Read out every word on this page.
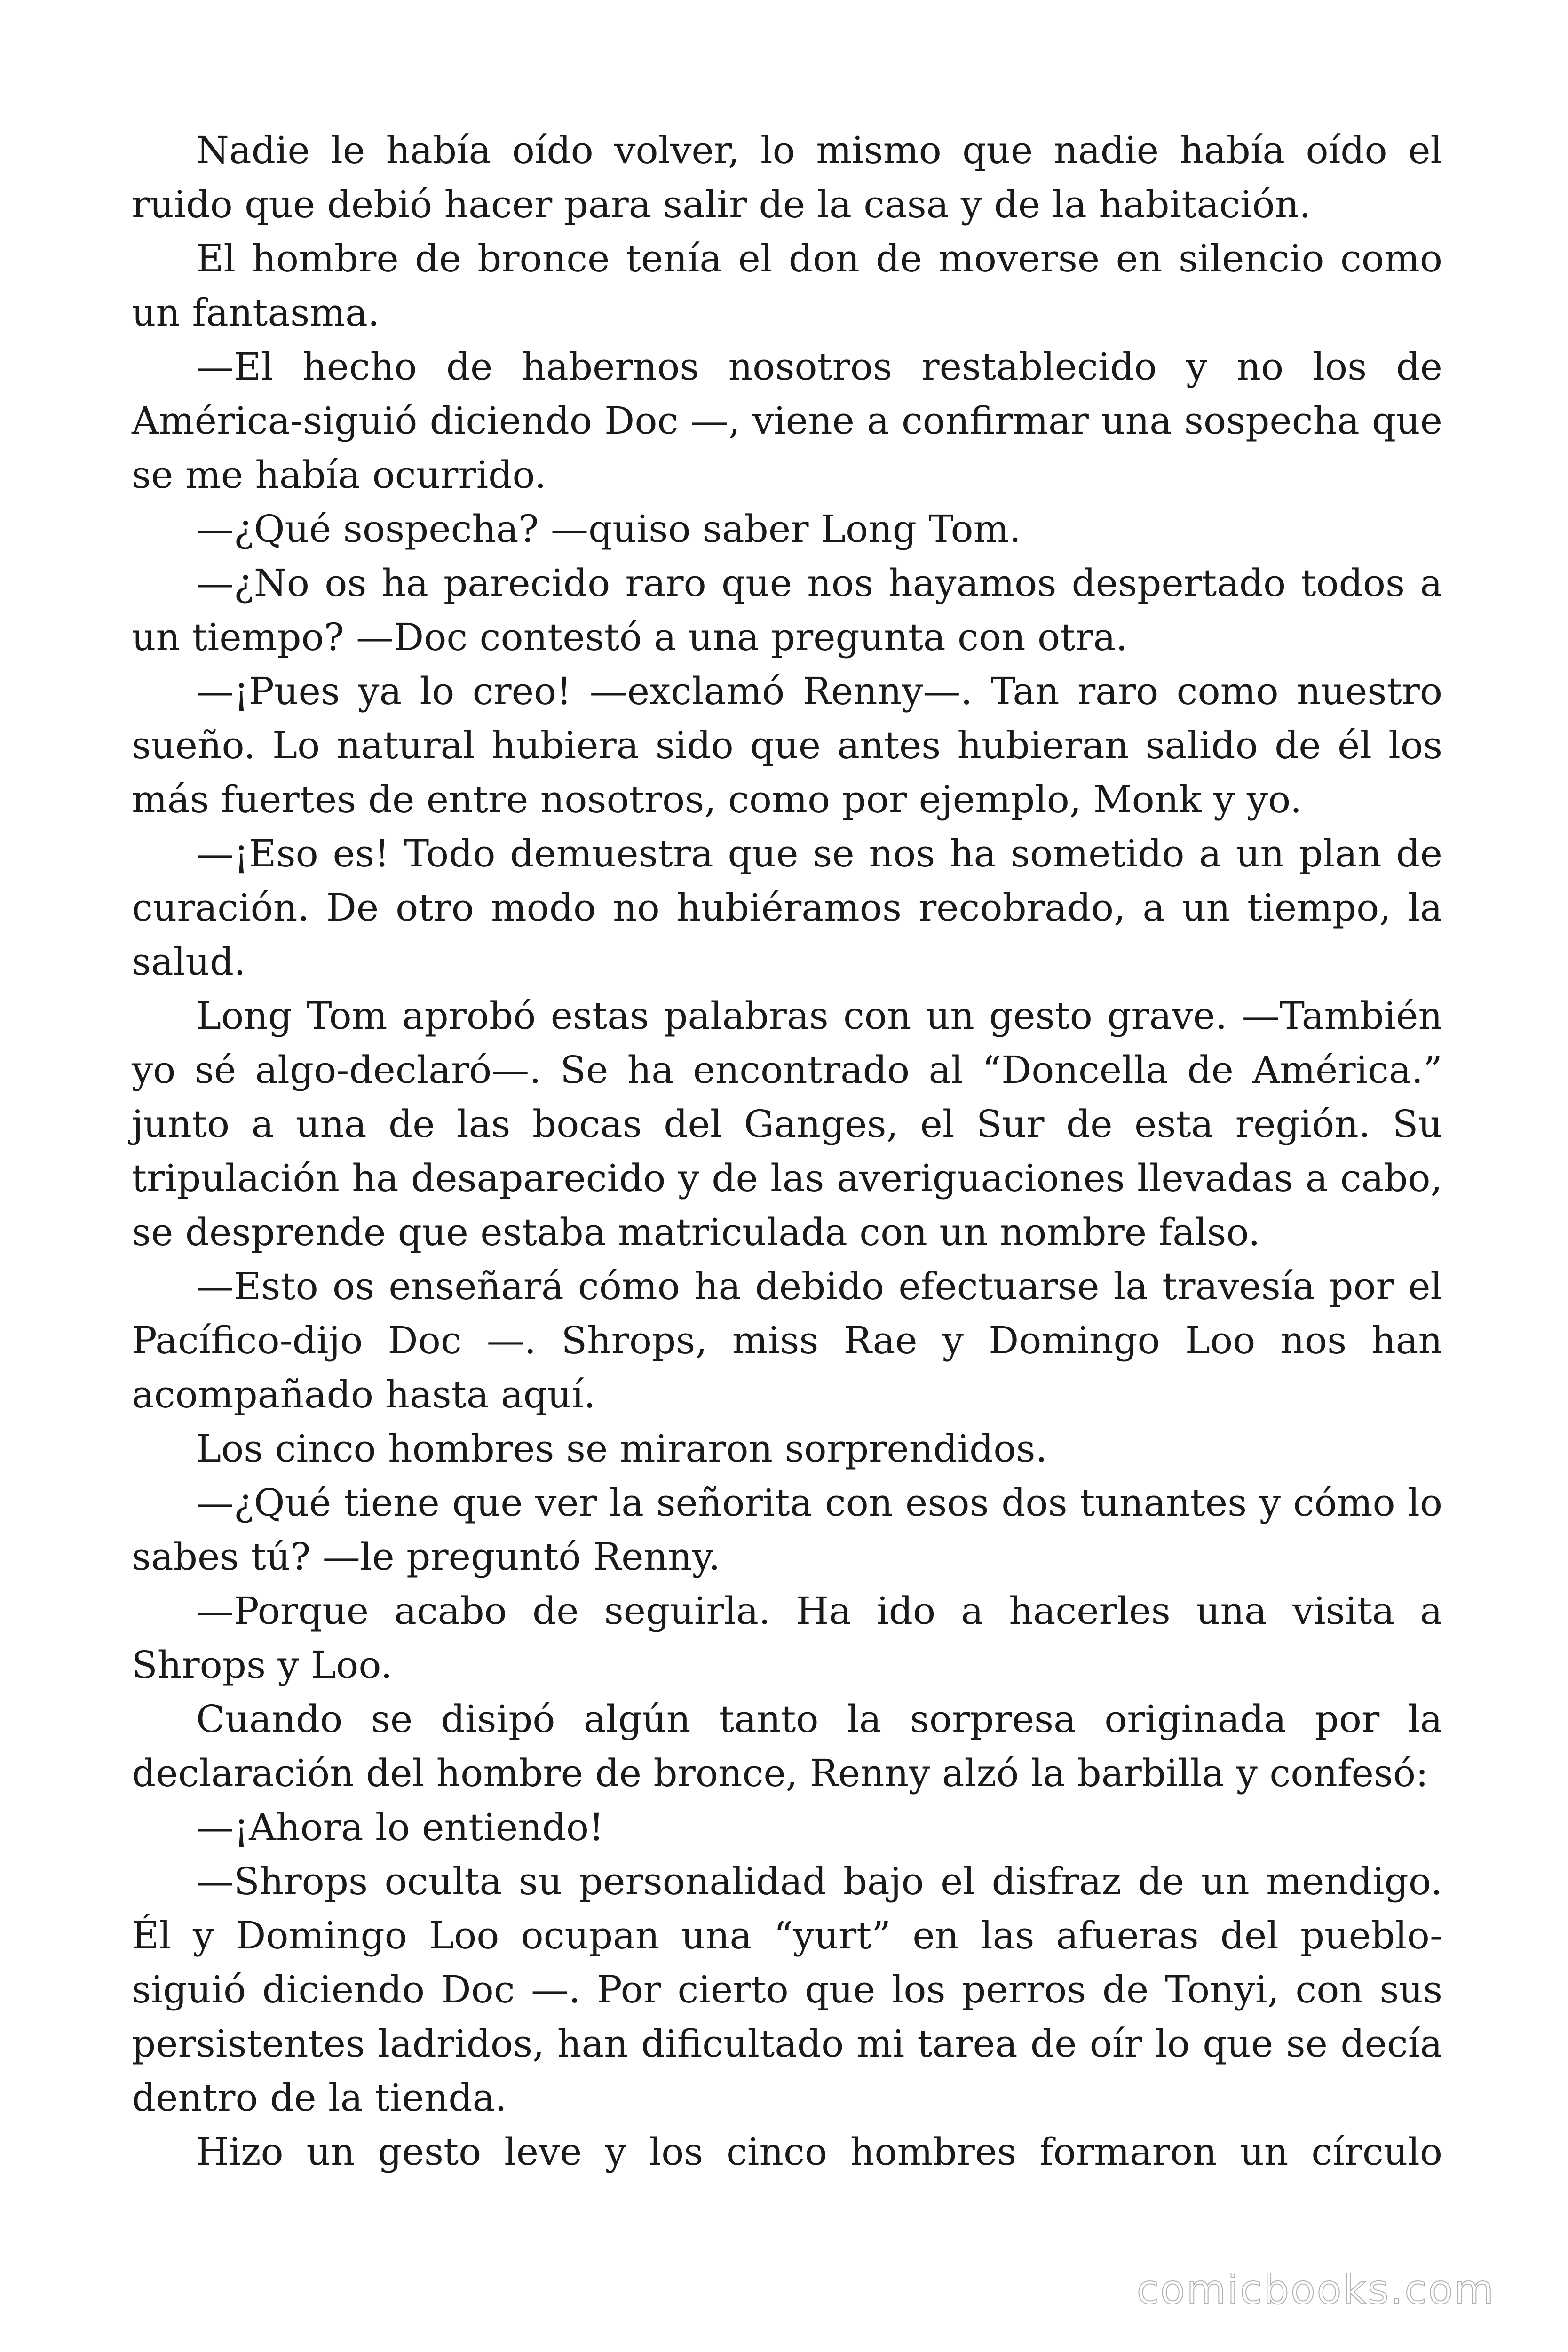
Nadie le había oído volver, lo mismo que nadie había oído el ruido que debió hacer para salir de la casa y de la habitación.

El hombre de bronce tenía el don de moverse en silencio como un fantasma.

—El hecho de habernos nosotros restablecido y no los de América-siguió diciendo Doc —, viene a confirmar una sospecha que se me había ocurrido.

—¿Qué sospecha? —quiso saber Long Tom.

—¿No os ha parecido raro que nos hayamos despertado todos a un tiempo? —Doc contestó a una pregunta con otra.

—¡Pues ya lo creo! —exclamó Renny—. Tan raro como nuestro sueño. Lo natural hubiera sido que antes hubieran salido de él los más fuertes de entre nosotros, como por ejemplo, Monk y yo.

—¡Eso es! Todo demuestra que se nos ha sometido a un plan de curación. De otro modo no hubiéramos recobrado, a un tiempo, la salud.

Long Tom aprobó estas palabras con un gesto grave. —También yo sé algo-declaró—. Se ha encontrado al “Doncella de América.” junto a una de las bocas del Ganges, el Sur de esta región. Su tripulación ha desaparecido y de las averiguaciones llevadas a cabo, se desprende que estaba matriculada con un nombre falso.

—Esto os enseñará cómo ha debido efectuarse la travesía por el Pacífico-dijo Doc —. Shrops, miss Rae y Domingo Loo nos han acompañado hasta aquí.

Los cinco hombres se miraron sorprendidos.

—¿Qué tiene que ver la señorita con esos dos tunantes y cómo lo sabes tú? —le preguntó Renny.

—Porque acabo de seguirla. Ha ido a hacerles una visita a Shrops y Loo.

Cuando se disipó algún tanto la sorpresa originada por la declaración del hombre de bronce, Renny alzó la barbilla y confesó:

—¡Ahora lo entiendo!

—Shrops oculta su personalidad bajo el disfraz de un mendigo. Él y Domingo Loo ocupan una “yurt” en las afueras del pueblo-siguió diciendo Doc —. Por cierto que los perros de Tonyi, con sus persistentes ladridos, han dificultado mi tarea de oír lo que se decía dentro de la tienda.

Hizo un gesto leve y los cinco hombres formaron un círculo

comicbooks.com
